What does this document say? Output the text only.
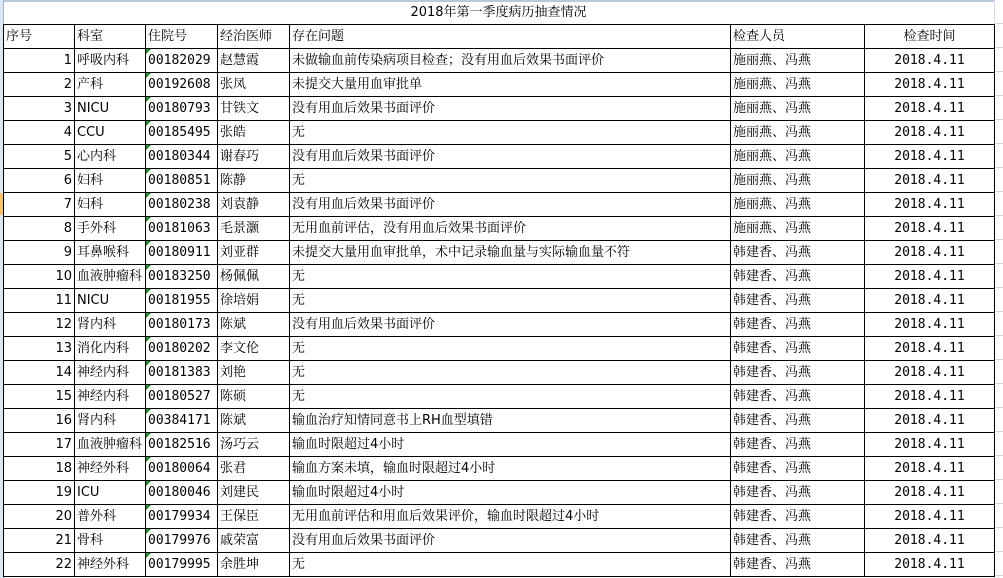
2018年第一季度病历抽查情况
序号	科室	住院号	经治医师	存在问题	检查人员	检查时间
1	呼吸内科	00182029	赵慧霞	未做输血前传染病项目检查；没有用血后效果书面评价	施丽燕、冯燕	2018.4.11
2	产科	00192608	张凤	未提交大量用血审批单	施丽燕、冯燕	2018.4.11
3	NICU	00180793	甘铁文	没有用血后效果书面评价	施丽燕、冯燕	2018.4.11
4	CCU	00185495	张皓	无	施丽燕、冯燕	2018.4.11
5	心内科	00180344	谢春巧	没有用血后效果书面评价	施丽燕、冯燕	2018.4.11
6	妇科	00180851	陈静	无	施丽燕、冯燕	2018.4.11
7	妇科	00180238	刘袁静	没有用血后效果书面评价	施丽燕、冯燕	2018.4.11
8	手外科	00181063	毛景灏	无用血前评估，没有用血后效果书面评价	施丽燕、冯燕	2018.4.11
9	耳鼻喉科	00180911	刘亚群	未提交大量用血审批单，术中记录输血量与实际输血量不符	韩建香、冯燕	2018.4.11
10	血液肿瘤科	00183250	杨佩佩	无	韩建香、冯燕	2018.4.11
11	NICU	00181955	徐培娟	无	韩建香、冯燕	2018.4.11
12	肾内科	00180173	陈斌	没有用血后效果书面评价	韩建香、冯燕	2018.4.11
13	消化内科	00180202	李文伦	无	韩建香、冯燕	2018.4.11
14	神经内科	00181383	刘艳	无	韩建香、冯燕	2018.4.11
15	神经内科	00180527	陈硕	无	韩建香、冯燕	2018.4.11
16	肾内科	00384171	陈斌	输血治疗知情同意书上RH血型填错	韩建香、冯燕	2018.4.11
17	血液肿瘤科	00182516	汤巧云	输血时限超过4小时	韩建香、冯燕	2018.4.11
18	神经外科	00180064	张君	输血方案未填，输血时限超过4小时	韩建香、冯燕	2018.4.11
19	ICU	00180046	刘建民	输血时限超过4小时	韩建香、冯燕	2018.4.11
20	普外科	00179934	王保臣	无用血前评估和用血后效果评价，输血时限超过4小时	韩建香、冯燕	2018.4.11
21	骨科	00179976	戚荣富	没有用血后效果书面评价	韩建香、冯燕	2018.4.11
22	神经外科	00179995	余胜坤	无	韩建香、冯燕	2018.4.11
